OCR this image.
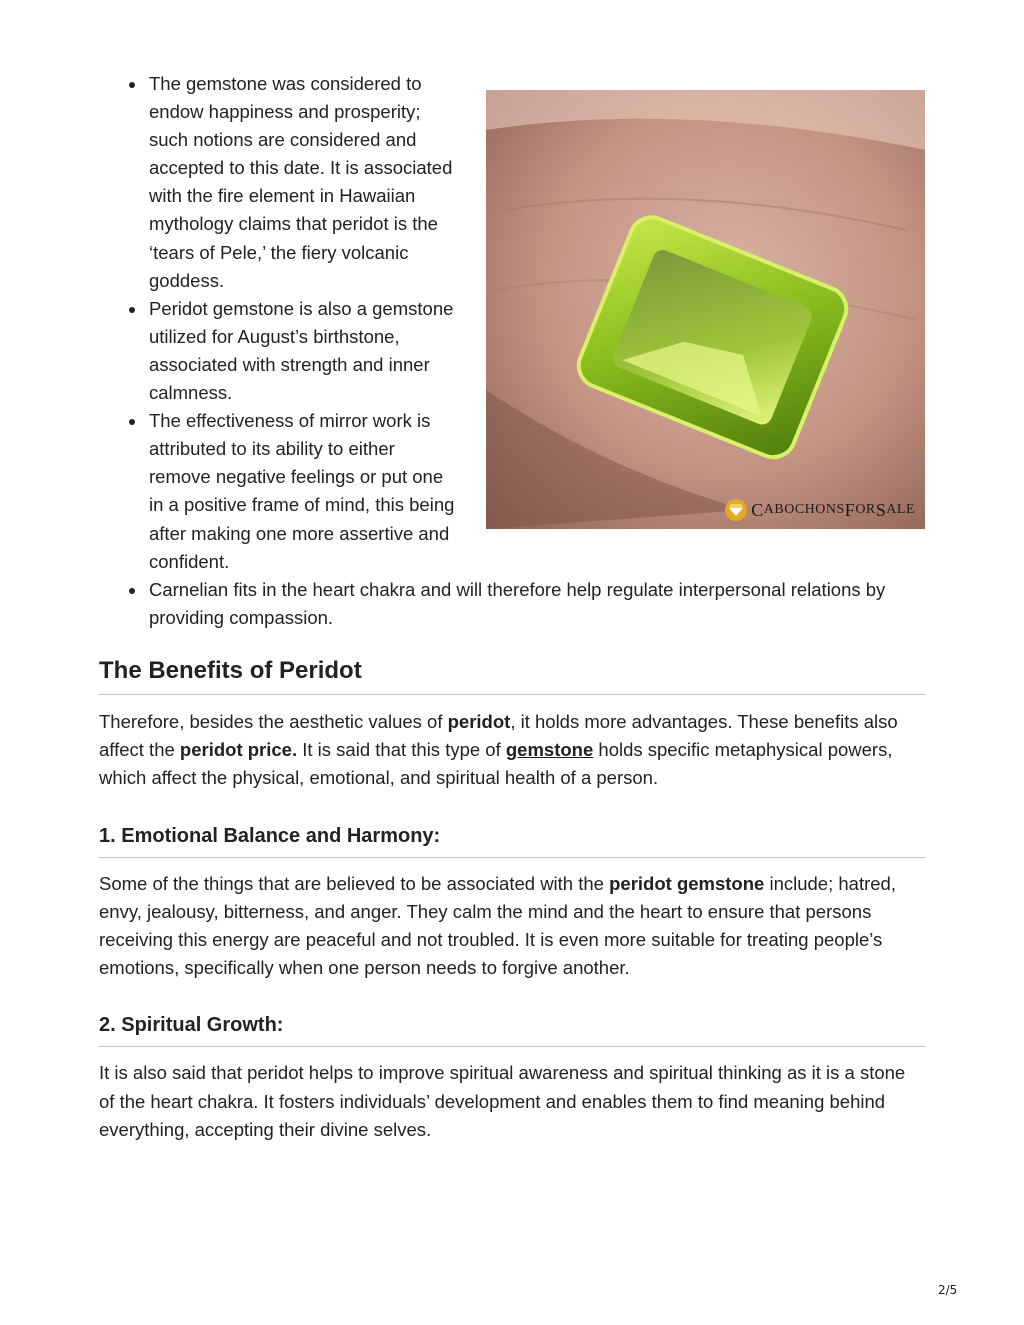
The gemstone was considered to endow happiness and prosperity; such notions are considered and accepted to this date. It is associated with the fire element in Hawaiian mythology claims that peridot is the ‘tears of Pele,’ the fiery volcanic goddess.
Peridot gemstone is also a gemstone utilized for August’s birthstone, associated with strength and inner calmness.
The effectiveness of mirror work is attributed to its ability to either remove negative feelings or put one in a positive frame of mind, this being after making one more assertive and confident.
Carnelian fits in the heart chakra and will therefore help regulate interpersonal relations by providing compassion.
C ABOCHONS F OR S ALE
The Benefits of Peridot

Therefore, besides the aesthetic values of peridot, it holds more advantages. These benefits also affect the peridot price. It is said that this type of gemstone holds specific metaphysical powers, which affect the physical, emotional, and spiritual health of a person.

1. Emotional Balance and Harmony:

Some of the things that are believed to be associated with the peridot gemstone include; hatred, envy, jealousy, bitterness, and anger. They calm the mind and the heart to ensure that persons receiving this energy are peaceful and not troubled. It is even more suitable for treating people’s emotions, specifically when one person needs to forgive another.

2. Spiritual Growth:

It is also said that peridot helps to improve spiritual awareness and spiritual thinking as it is a stone of the heart chakra. It fosters individuals’ development and enables them to find meaning behind everything, accepting their divine selves.

2/5
